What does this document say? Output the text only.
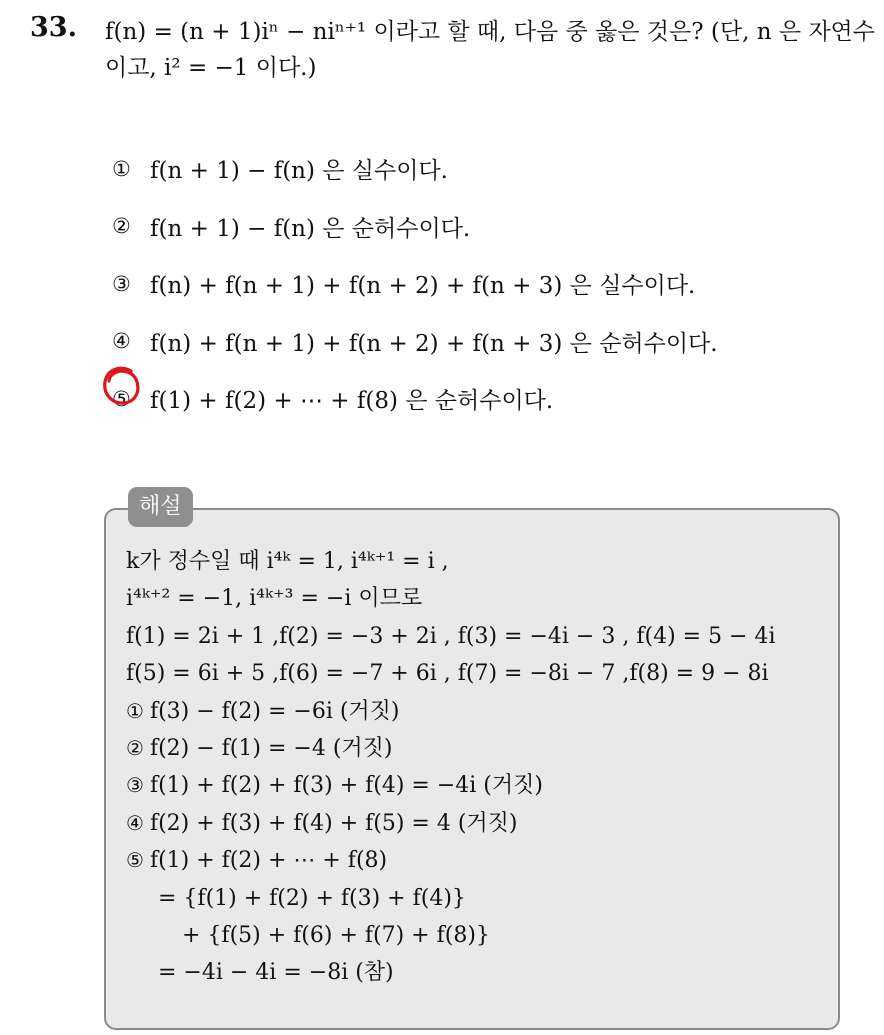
33. f(n) = (n + 1)iⁿ − niⁿ⁺¹ 이라고 할 때, 다음 중 옳은 것은? (단, n 은 자연수이고, i² = −1 이다.)
① f(n + 1) − f(n) 은 실수이다.
② f(n + 1) − f(n) 은 순허수이다.
③ f(n) + f(n + 1) + f(n + 2) + f(n + 3) 은 실수이다.
④ f(n) + f(n + 1) + f(n + 2) + f(n + 3) 은 순허수이다.
⑤ f(1) + f(2) + ⋯ + f(8) 은 순허수이다.
해설
k가 정수일 때 i⁴ᵏ = 1, i⁴ᵏ⁺¹ = i ,
i⁴ᵏ⁺² = −1, i⁴ᵏ⁺³ = −i 이므로
f(1) = 2i + 1 ,f(2) = −3 + 2i , f(3) = −4i − 3 , f(4) = 5 − 4i
f(5) = 6i + 5 ,f(6) = −7 + 6i , f(7) = −8i − 7 ,f(8) = 9 − 8i
① f(3) − f(2) = −6i (거짓)
② f(2) − f(1) = −4 (거짓)
③ f(1) + f(2) + f(3) + f(4) = −4i (거짓)
④ f(2) + f(3) + f(4) + f(5) = 4 (거짓)
⑤ f(1) + f(2) + ⋯ + f(8)
= {f(1) + f(2) + f(3) + f(4)}
+ {f(5) + f(6) + f(7) + f(8)}
= −4i − 4i = −8i (참)
